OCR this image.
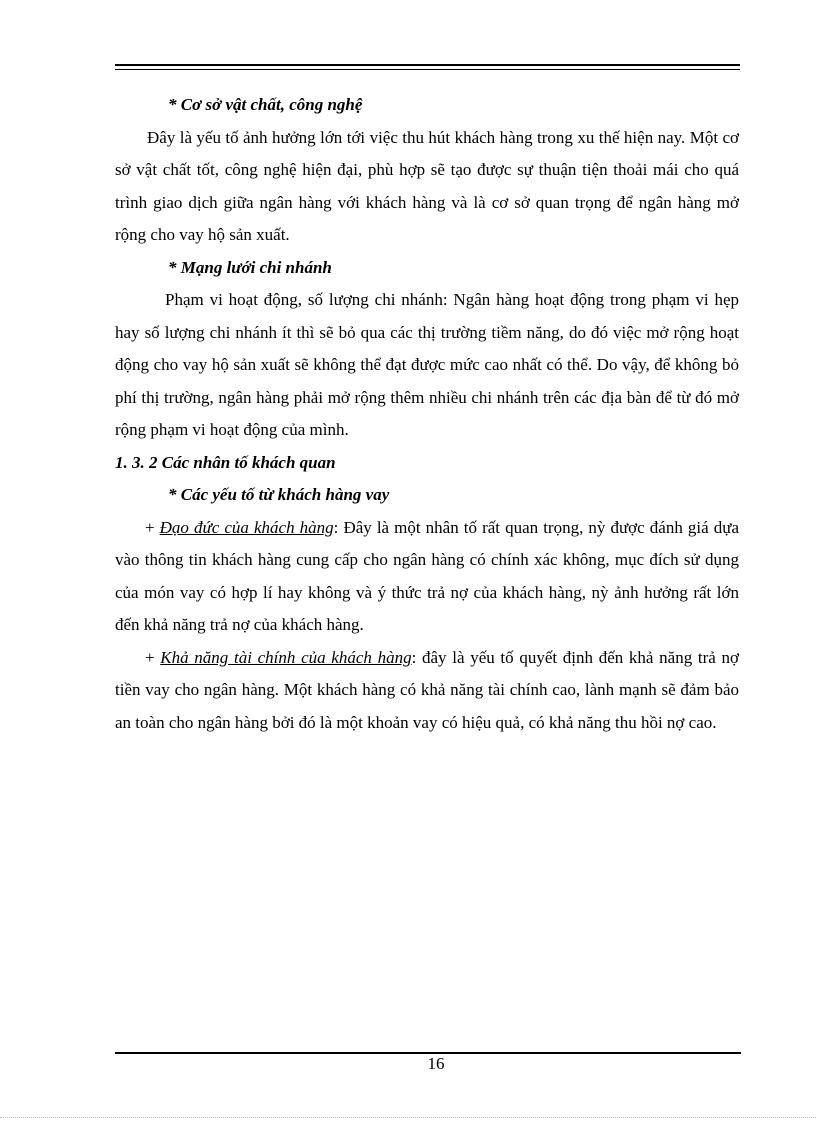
* Cơ sở vật chất, công nghệ

Đây là yếu tố ảnh hưởng lớn tới việc thu hút khách hàng trong xu thế hiện nay. Một cơ sở vật chất tốt, công nghệ hiện đại, phù hợp sẽ tạo được sự thuận tiện thoải mái cho quá trình giao dịch giữa ngân hàng với khách hàng và là cơ sở quan trọng để ngân hàng mở rộng cho vay hộ sản xuất.

* Mạng lưới chi nhánh

Phạm vi hoạt động, số lượng chi nhánh: Ngân hàng hoạt động trong phạm vi hẹp hay số lượng chi nhánh ít thì sẽ bỏ qua các thị trường tiềm năng, do đó việc mở rộng hoạt động cho vay hộ sản xuất sẽ không thể đạt được mức cao nhất có thể. Do vậy, để không bỏ phí thị trường, ngân hàng phải mở rộng thêm nhiều chi nhánh trên các địa bàn để từ đó mở rộng phạm vi hoạt động của mình.

1. 3. 2 Các nhân tố khách quan

* Các yếu tố từ khách hàng vay

+ Đạo đức của khách hàng: Đây là một nhân tố rất quan trọng, nỳ được đánh giá dựa vào thông tin khách hàng cung cấp cho ngân hàng có chính xác không, mục đích sử dụng của món vay có hợp lí hay không và ý thức trả nợ của khách hàng, nỳ ảnh hưởng rất lớn đến khả năng trả nợ của khách hàng.

+ Khả năng tài chính của khách hàng: đây là yếu tố quyết định đến khả năng trả nợ tiền vay cho ngân hàng. Một khách hàng có khả năng tài chính cao, lành mạnh sẽ đảm bảo an toàn cho ngân hàng bởi đó là một khoản vay có hiệu quả, có khả năng thu hồi nợ cao.

16
